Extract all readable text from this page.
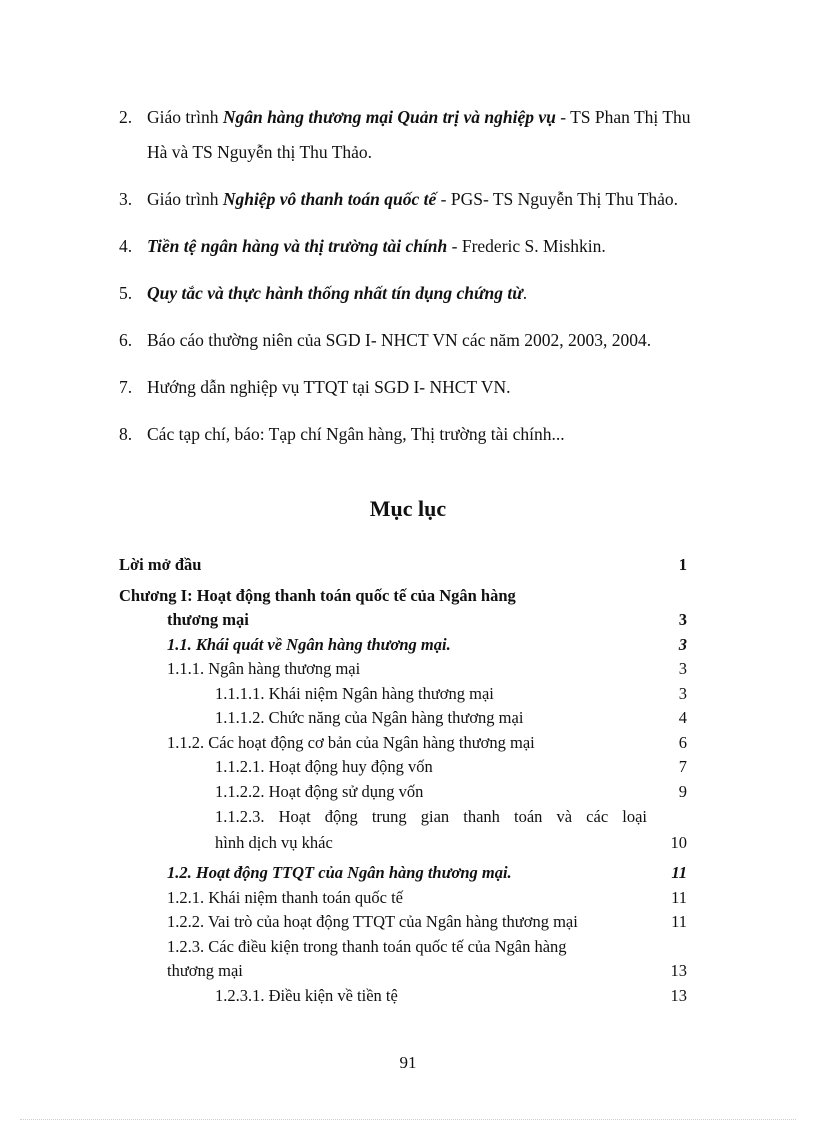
2. Giáo trình Ngân hàng thương mại Quản trị và nghiệp vụ - TS Phan Thị Thu Hà và TS Nguyễn thị Thu Thảo.
3. Giáo trình Nghiệp vô thanh toán quốc tế - PGS- TS Nguyễn Thị Thu Thảo.
4. Tiền tệ ngân hàng và thị trường tài chính - Frederic S. Mishkin.
5. Quy tắc và thực hành thống nhất tín dụng chứng từ.
6. Báo cáo thường niên của SGD I- NHCT VN các năm 2002, 2003, 2004.
7. Hướng dẫn nghiệp vụ TTQT tại SGD I- NHCT VN.
8. Các tạp chí, báo: Tạp chí Ngân hàng, Thị trường tài chính...
Mục lục
Lời mở đầu	1
Chương I: Hoạt động thanh toán quốc tế của Ngân hàng
thương mại	3
1.1. Khái quát về Ngân hàng thương mại.	3
1.1.1. Ngân hàng thương mại	3
1.1.1.1. Khái niệm Ngân hàng thương mại	3
1.1.1.2. Chức năng của Ngân hàng thương mại	4
1.1.2. Các hoạt động cơ bản của Ngân hàng thương mại	6
1.1.2.1. Hoạt động huy động vốn	7
1.1.2.2. Hoạt động sử dụng vốn	9
1.1.2.3. Hoạt động trung gian thanh toán và các loại
hình dịch vụ khác	10
1.2. Hoạt động TTQT của Ngân hàng thương mại.	11
1.2.1. Khái niệm thanh toán quốc tế	11
1.2.2. Vai trò của hoạt động TTQT của Ngân hàng thương mại	11
1.2.3. Các điều kiện trong thanh toán quốc tế của Ngân hàng
thương mại	13
1.2.3.1. Điều kiện về tiền tệ	13
91
